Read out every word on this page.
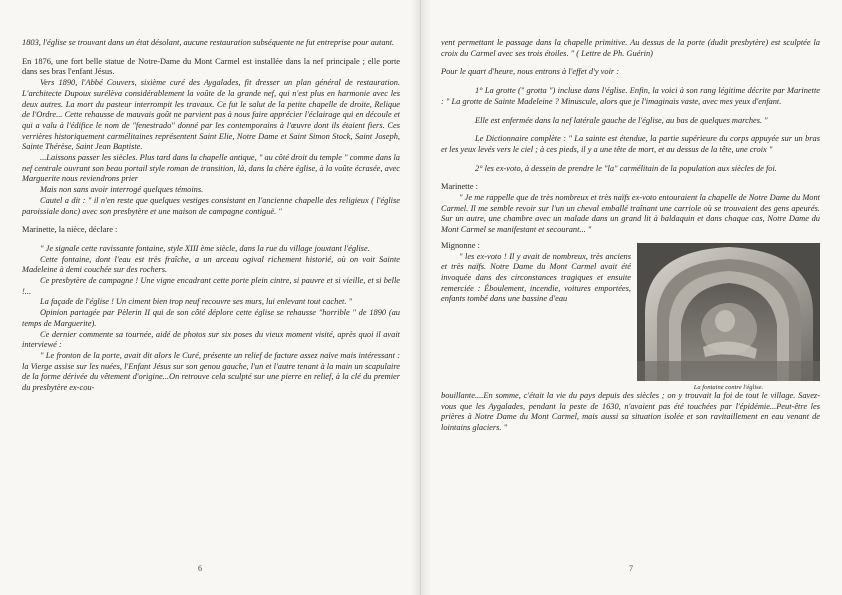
1803, l'église se trouvant dans un état désolant, aucune restauration subséquente ne fut entreprise pour autant.

En 1876, une fort belle statue de Notre-Dame du Mont Carmel est installée dans la nef principale ; elle porte dans ses bras l'enfant Jésus.

Vers 1890, l'Abbé Couvers, sixième curé des Aygalades, fit dresser un plan général de restauration. L'architecte Dupoux surélèva considérablement la voûte de la grande nef, qui n'est plus en harmonie avec les deux autres. La mort du pasteur interrompit les travaux. Ce fut le salut de la petite chapelle de droite, Relique de l'Ordre... Cette rehausse de mauvais goût ne parvient pas à nous faire apprécier l'éclairage qui en découle et qui a valu à l'édifice le nom de "fenestrado" donné par les contemporains à l'œuvre dont ils étaient fiers. Ces verrières historiquement carmélitaines représentent Saint Elie, Notre Dame et Saint Simon Stock, Saint Joseph, Sainte Thérèse, Saint Jean Baptiste.

...Laissons passer les siècles. Plus tard dans la chapelle antique, " au côté droit du temple " comme dans la nef centrale ouvrant son beau portail style roman de transition, là, dans la chère église, à la voûte écrasée, avec Marguerite nous reviendrons prier

Mais non sans avoir interrogé quelques témoins.

Cautel a dit : " il n'en reste que quelques vestiges consistant en l'ancienne chapelle des religieux ( l'église paroissiale donc) avec son presbytère et une maison de campagne contiguë. "

Marinette, la nièce, déclare :

" Je signale cette ravissante fontaine, style XIII ème siècle, dans la rue du village jouxtant l'église.

Cette fontaine, dont l'eau est très fraîche, a un arceau ogival richement historié, où on voit Sainte Madeleine à demi couchée sur des rochers.

Ce presbytère de campagne ! Une vigne encadrant cette porte plein cintre, si pauvre et si vieille, et si belle !...

La façade de l'église ! Un ciment bien trop neuf recouvre ses murs, lui enlevant tout cachet. "

Opinion partagée par Pèlerin II qui de son côté déplore cette église se rehausse "horrible " de 1890 (au temps de Marguerite).

Ce dernier commente sa tournée, aidé de photos sur six poses du vieux moment visité, après quoi il avait interviewé :

" Le fronton de la porte, avait dit alors le Curé, présente un relief de facture assez naïve mais intéressant : la Vierge assise sur les nuées, l'Enfant Jésus sur son genou gauche, l'un et l'autre tenant à la main un scapulaire de la forme dérivée du vêtement d'origine...On retrouve cela sculpté sur une pierre en relief, à la clé du premier du presbytère ex-cou-

6

vent permettant le passage dans la chapelle primitive. Au dessus de la porte (dudit presbytère) est sculptée la croix du Carmel avec ses trois étoiles. " ( Lettre de Ph. Guérin)

Pour le quart d'heure, nous entrons à l'effet d'y voir :

1° La grotte (" grotta ") incluse dans l'église. Enfin, la voici à son rang légitime décrite par Marinette : " La grotte de Sainte Madeleine ? Minuscule, alors que je l'imaginais vaste, avec mes yeux d'enfant.

Elle est enfermée dans la nef latérale gauche de l'église, au bas de quelques marches. "

Le Dictionnaire complète : " La sainte est étendue, la partie supérieure du corps appuyée sur un bras et les yeux levés vers le ciel ; à ces pieds, il y a une tête de mort, et au dessus de la tête, une croix "

2° les ex-voto, à dessein de prendre le "la" carmélitain de la population aux siècles de foi.

Marinette :

" Je me rappelle que de très nombreux et très naïfs ex-voto entouraient la chapelle de Notre Dame du Mont Carmel. Il me semble revoir sur l'un un cheval emballé traînant une carriole où se trouvaient des gens apeurés. Sur un autre, une chambre avec un malade dans un grand lit à baldaquin et dans chaque cas, Notre Dame du Mont Carmel se manifestant et secourant... "

Mignonne :

" les ex-voto ! Il y avait de nombreux, très anciens et très naïfs. Notre Dame du Mont Carmel avait été invoquée dans des circonstances tragiques et ensuite remerciée : Éboulement, incendie, voitures emportées, enfants tombé dans une bassine d'eau

La fontaine contre l'église.

bouillante....En somme, c'était la vie du pays depuis des siècles ; on y trouvait la foi de tout le village. Savez-vous que les Aygalades, pendant la peste de 1630, n'avaient pas été touchées par l'épidémie...Peut-être les prières à Notre Dame du Mont Carmel, mais aussi sa situation isolée et son ravitaillement en eau venant de lointains glaciers. "

7
